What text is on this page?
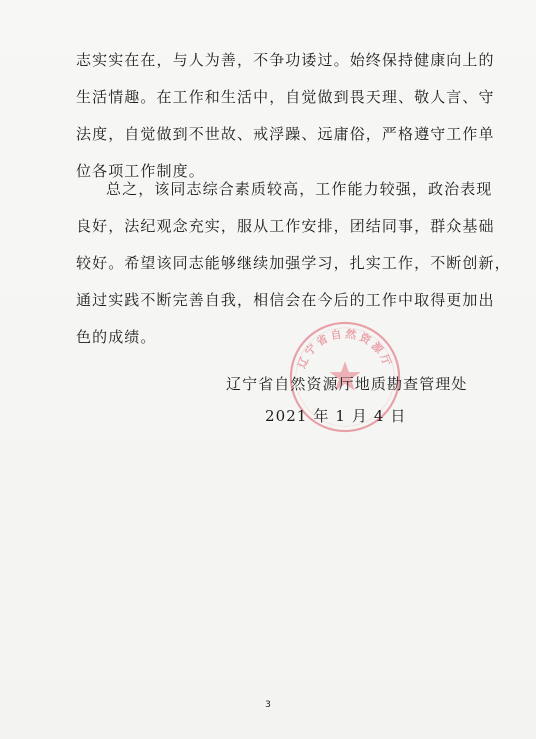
志实实在在，与人为善，不争功诿过。始终保持健康向上的
生活情趣。在工作和生活中，自觉做到畏天理、敬人言、守
法度，自觉做到不世故、戒浮躁、远庸俗，严格遵守工作单
位各项工作制度。
总之，该同志综合素质较高，工作能力较强，政治表现
良好，法纪观念充实，服从工作安排，团结同事，群众基础
较好。希望该同志能够继续加强学习，扎实工作，不断创新，
通过实践不断完善自我，相信会在今后的工作中取得更加出
色的成绩。
辽宁省自然资源厅
辽宁省自然资源厅地质勘查管理处
2021 年 1 月 4 日
3
